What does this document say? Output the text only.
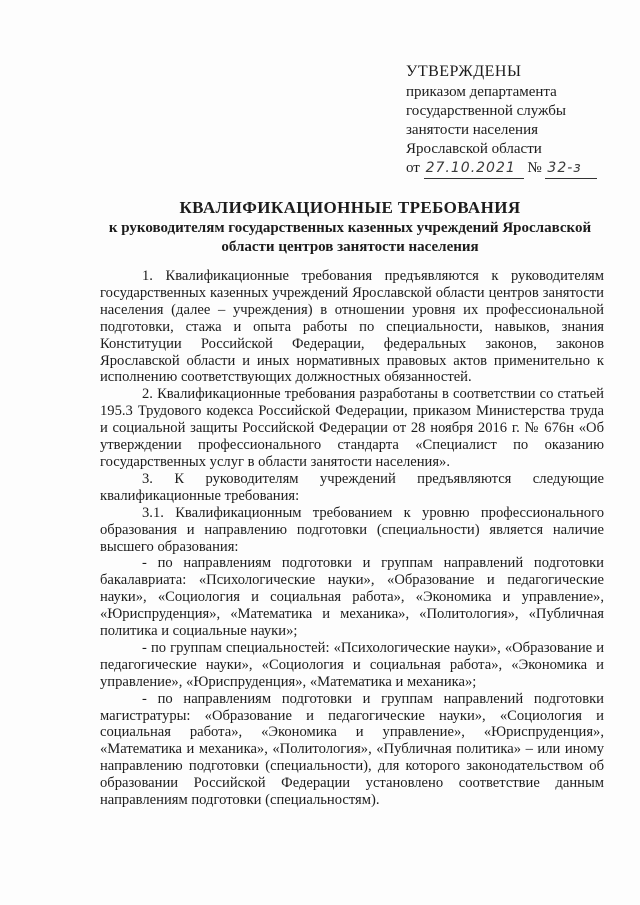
УТВЕРЖДЕНЫ
приказом департамента
государственной службы
занятости населения
Ярославской области
от 27.10.2021 № 32-з
КВАЛИФИКАЦИОННЫЕ ТРЕБОВАНИЯ
к руководителям государственных казенных учреждений Ярославской области центров занятости населения

1. Квалификационные требования предъявляются к руководителям государственных казенных учреждений Ярославской области центров занятости населения (далее – учреждения) в отношении уровня их профессиональной подготовки, стажа и опыта работы по специальности, навыков, знания Конституции Российской Федерации, федеральных законов, законов Ярославской области и иных нормативных правовых актов применительно к исполнению соответствующих должностных обязанностей.

2. Квалификационные требования разработаны в соответствии со статьей 195.3 Трудового кодекса Российской Федерации, приказом Министерства труда и социальной защиты Российской Федерации от 28 ноября 2016 г. № 676н «Об утверждении профессионального стандарта «Специалист по оказанию государственных услуг в области занятости населения».

3. К руководителям учреждений предъявляются следующие квалификационные требования:

3.1. Квалификационным требованием к уровню профессионального образования и направлению подготовки (специальности) является наличие высшего образования:

- по направлениям подготовки и группам направлений подготовки бакалавриата: «Психологические науки», «Образование и педагогические науки», «Социология и социальная работа», «Экономика и управление», «Юриспруденция», «Математика и механика», «Политология», «Публичная политика и социальные науки»;

- по группам специальностей: «Психологические науки», «Образование и педагогические науки», «Социология и социальная работа», «Экономика и управление», «Юриспруденция», «Математика и механика»;

- по направлениям подготовки и группам направлений подготовки магистратуры: «Образование и педагогические науки», «Социология и социальная работа», «Экономика и управление», «Юриспруденция», «Математика и механика», «Политология», «Публичная политика» – или иному направлению подготовки (специальности), для которого законодательством об образовании Российской Федерации установлено соответствие данным направлениям подготовки (специальностям).
